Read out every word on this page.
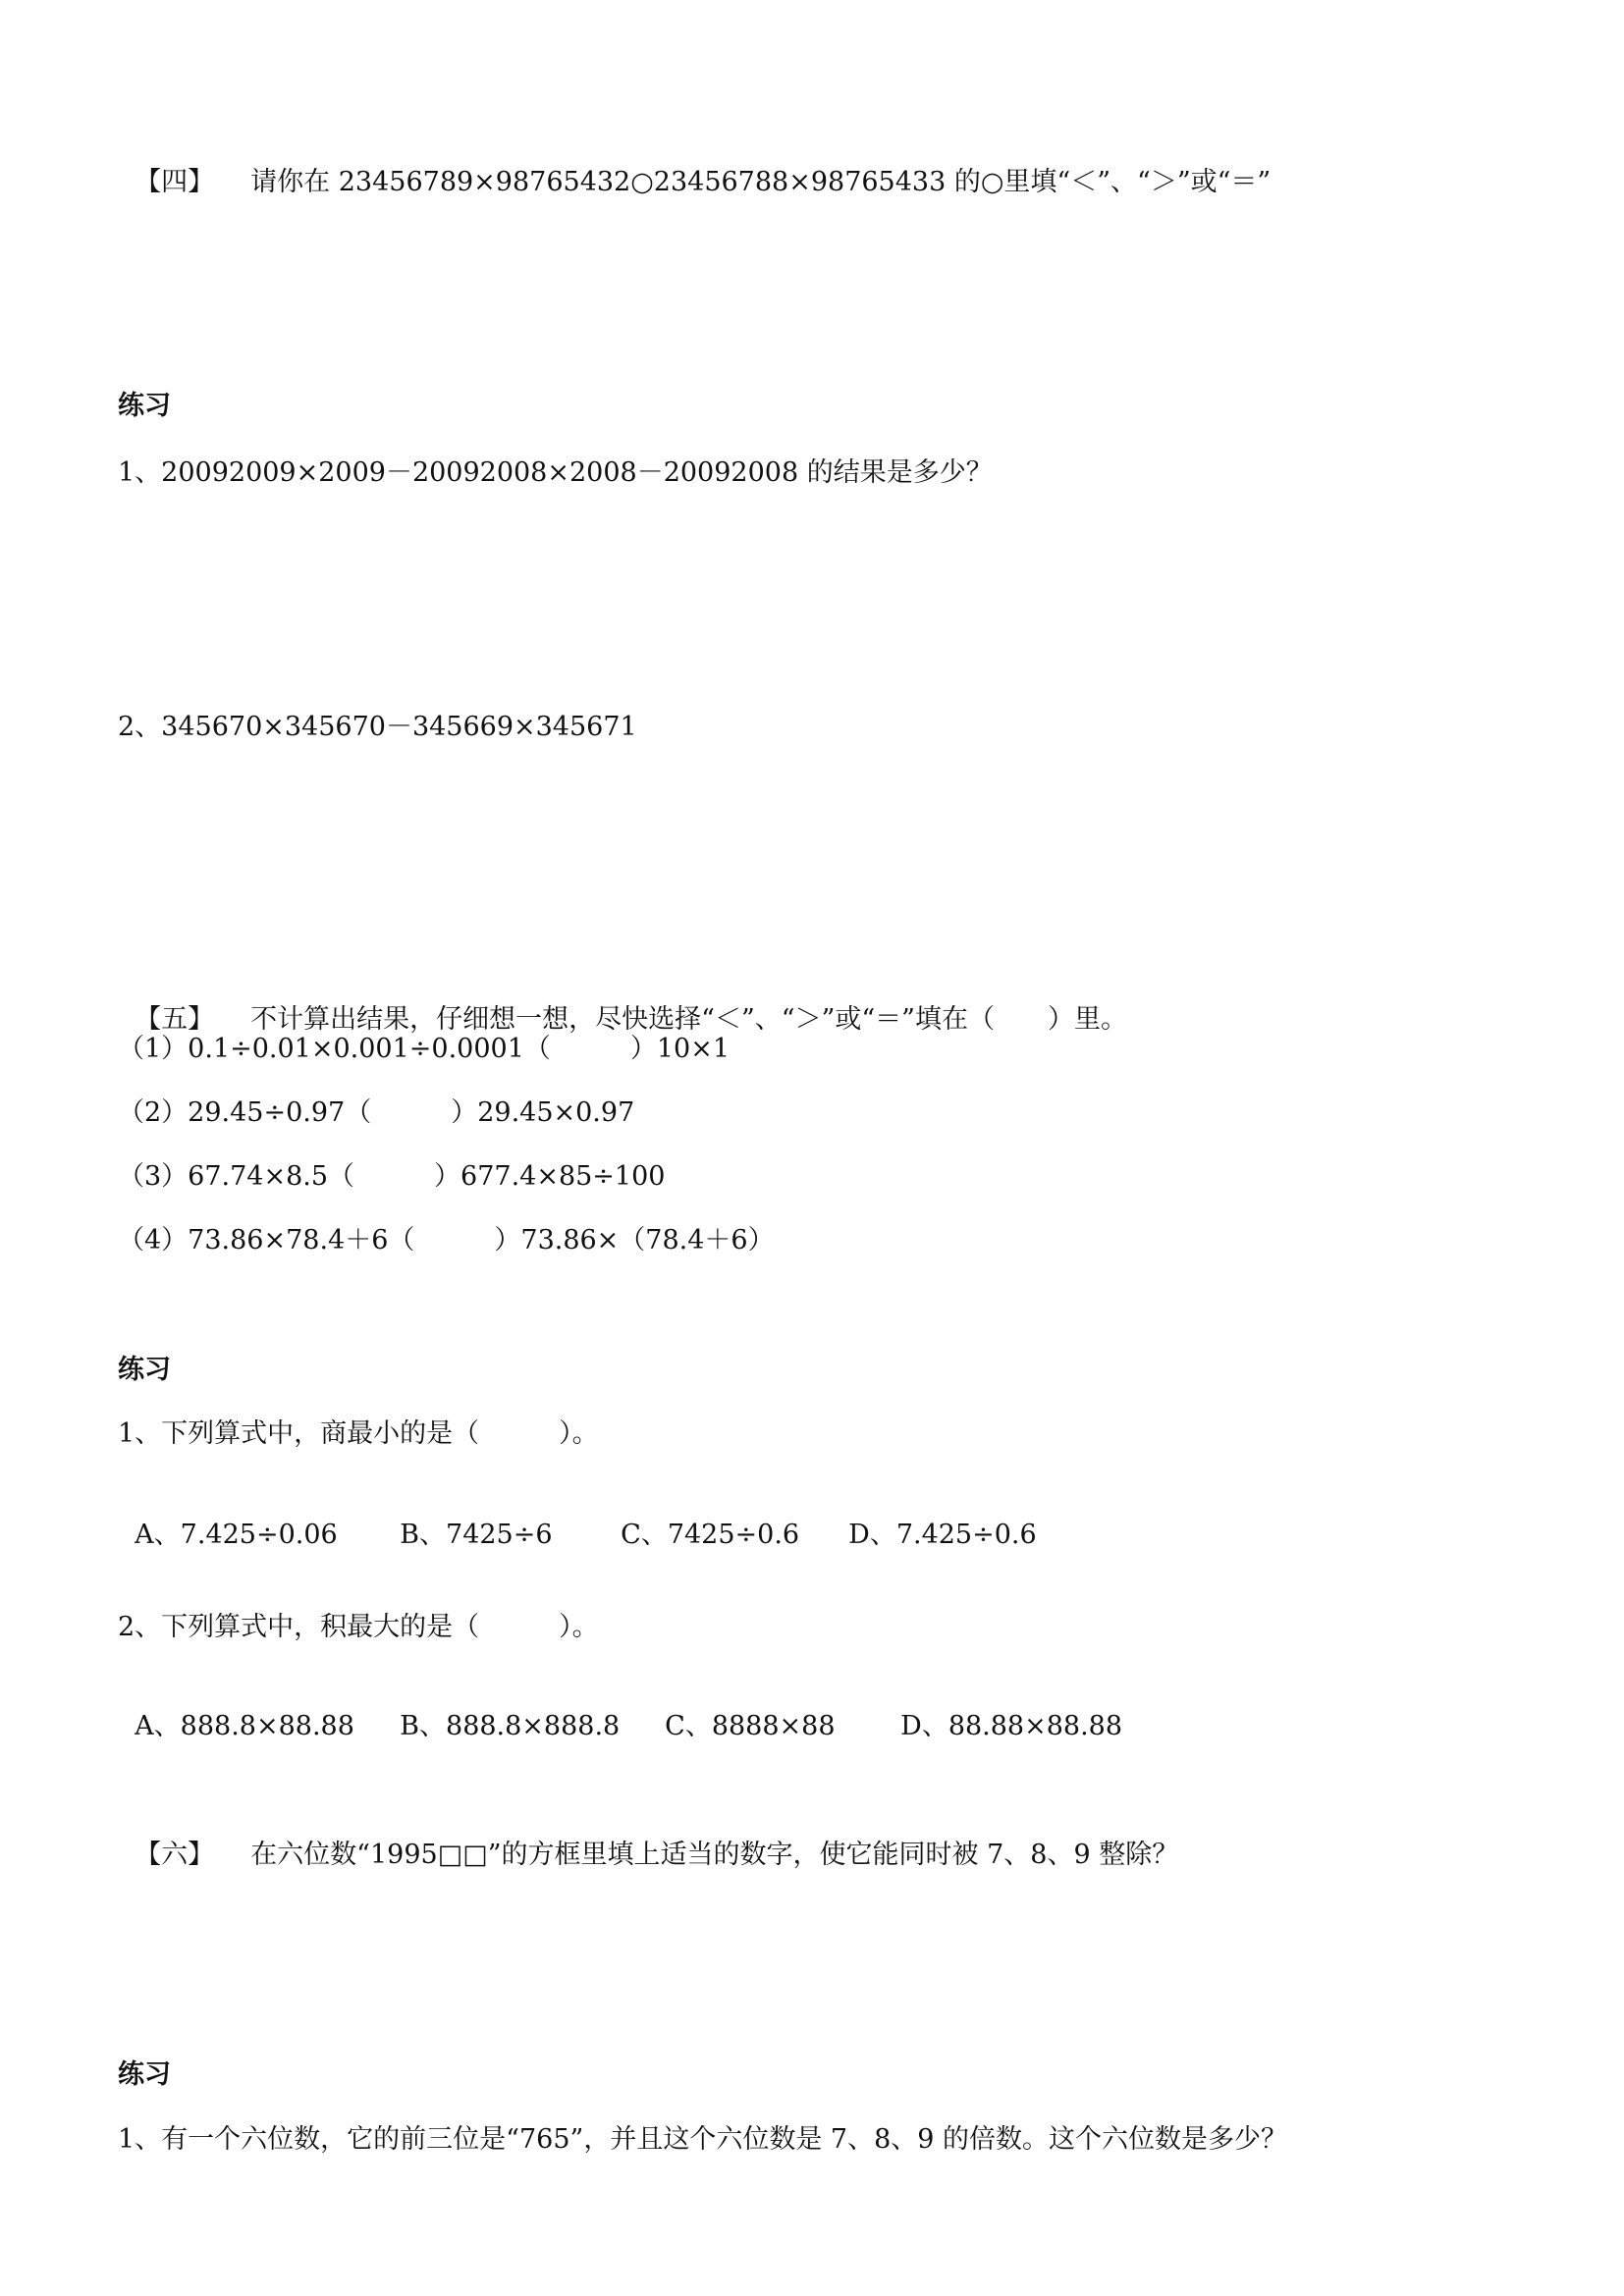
【四】 请你在 23456789×98765432○23456788×98765433 的○里填“＜”、“＞”或“＝”

练习
1、20092009×2009－20092008×2008－20092008 的结果是多少？
2、345670×345670－345669×345671

【五】 不计算出结果，仔细想一想，尽快选择“＜”、“＞”或“＝”填在（　　）里。

（1）0.1÷0.01×0.001÷0.0001（　　　）10×1
（2）29.45÷0.97（　　　）29.45×0.97
（3）67.74×8.5（　　　）677.4×85÷100
（4）73.86×78.4＋6（　　　）73.86×（78.4＋6）
练习
1、下列算式中，商最小的是（　　　）。

A、7.425÷0.06 B、7425÷6	C、7425÷0.6 D、7.425÷0.6

2、下列算式中，积最大的是（　　　）。

A、888.8×88.88 B、888.8×888.8 C、8888×88 D、88.88×88.88

【六】 在六位数“1995□□”的方框里填上适当的数字，使它能同时被 7、8、9 整除？

练习
1、有一个六位数，它的前三位是“765”，并且这个六位数是 7、8、9 的倍数。这个六位数是多少？
